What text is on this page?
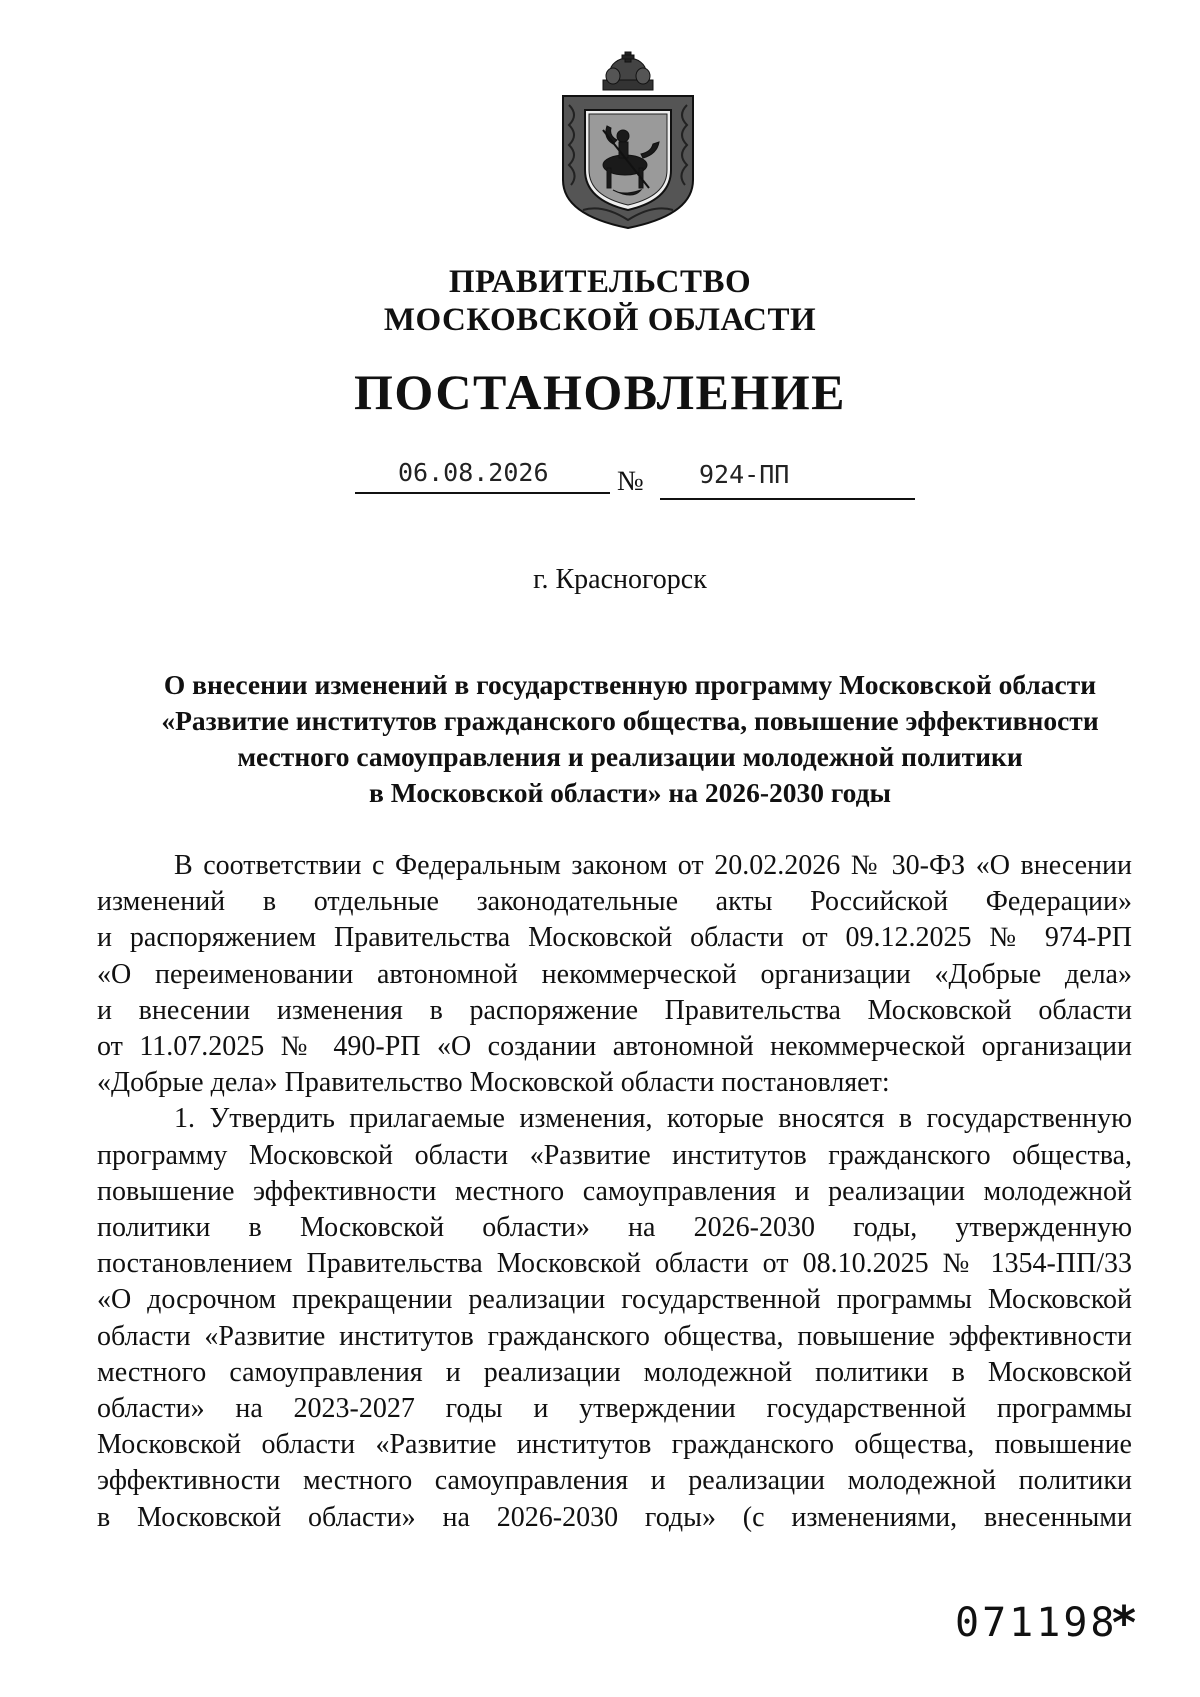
ПРАВИТЕЛЬСТВО
МОСКОВСКОЙ ОБЛАСТИ
ПОСТАНОВЛЕНИЕ
06.08.2026 № 924-ПП
г. Красногорск
О внесении изменений в государственную программу Московской области
«Развитие институтов гражданского общества, повышение эффективности
местного самоуправления и реализации молодежной политики
в Московской области» на 2026-2030 годы
В соответствии с Федеральным законом от 20.02.2026 № 30-ФЗ «О внесении
изменений в отдельные законодательные акты Российской Федерации»
и распоряжением Правительства Московской области от 09.12.2025 № 974-РП
«О переименовании автономной некоммерческой организации «Добрые дела»
и внесении изменения в распоряжение Правительства Московской области
от 11.07.2025 № 490-РП «О создании автономной некоммерческой организации
«Добрые дела» Правительство Московской области постановляет:
1. Утвердить прилагаемые изменения, которые вносятся в государственную
программу Московской области «Развитие институтов гражданского общества,
повышение эффективности местного самоуправления и реализации молодежной
политики в Московской области» на 2026-2030 годы, утвержденную
постановлением Правительства Московской области от 08.10.2025 № 1354-ПП/33
«О досрочном прекращении реализации государственной программы Московской
области «Развитие институтов гражданского общества, повышение эффективности
местного самоуправления и реализации молодежной политики в Московской
области» на 2023-2027 годы и утверждении государственной программы
Московской области «Развитие институтов гражданского общества, повышение
эффективности местного самоуправления и реализации молодежной политики
в Московской области» на 2026-2030 годы» (с изменениями, внесенными
071198
*
